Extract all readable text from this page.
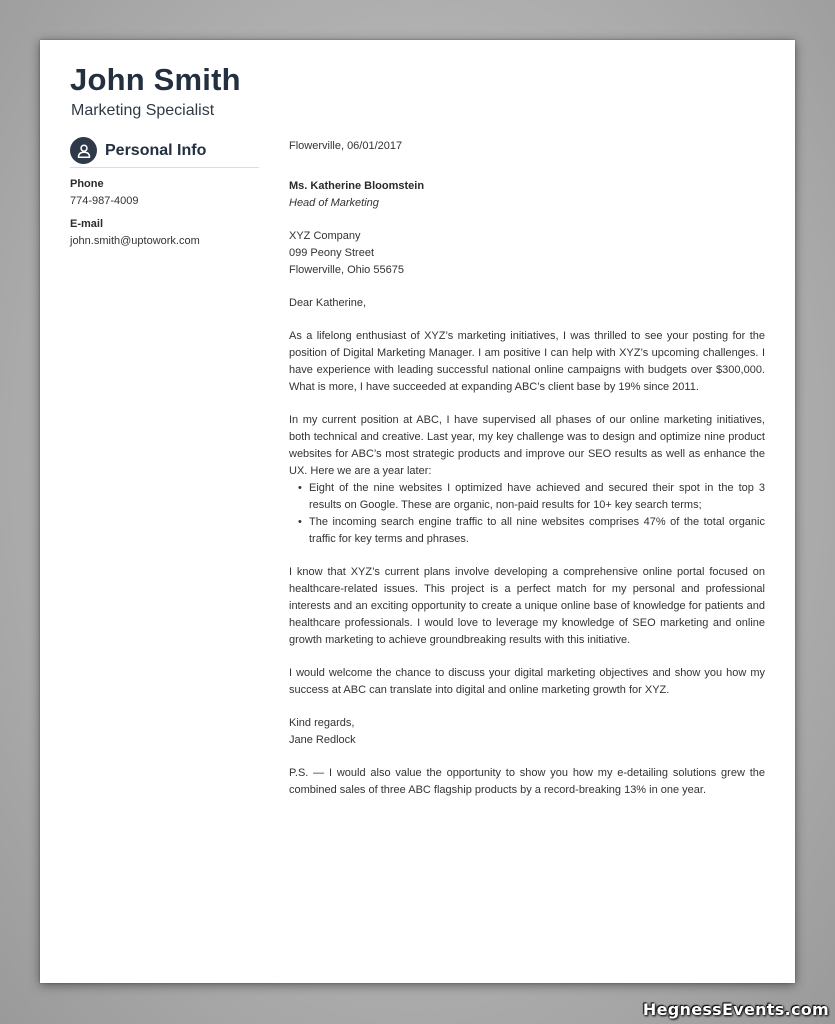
John Smith
Marketing Specialist
Personal Info
Phone
774-987-4009
E-mail
john.smith@uptowork.com

Flowerville, 06/01/2017

Ms. Katherine Bloomstein

Head of Marketing

XYZ Company

099 Peony Street

Flowerville, Ohio 55675

Dear Katherine,

As a lifelong enthusiast of XYZ’s marketing initiatives, I was thrilled to see your posting for the position of Digital Marketing Manager. I am positive I can help with XYZ’s upcoming challenges. I have experience with leading successful national online campaigns with budgets over $300,000. What is more, I have succeeded at expanding ABC’s client base by 19% since 2011.

In my current position at ABC, I have supervised all phases of our online marketing initiatives, both technical and creative. Last year, my key challenge was to design and optimize nine product websites for ABC’s most strategic products and improve our SEO results as well as enhance the UX. Here we are a year later:

• Eight of the nine websites I optimized have achieved and secured their spot in the top 3 results on Google. These are organic, non-paid results for 10+ key search terms;
• The incoming search engine traffic to all nine websites comprises 47% of the total organic traffic for key terms and phrases.

I know that XYZ’s current plans involve developing a comprehensive online portal focused on healthcare-related issues. This project is a perfect match for my personal and professional interests and an exciting opportunity to create a unique online base of knowledge for patients and healthcare professionals. I would love to leverage my knowledge of SEO marketing and online growth marketing to achieve groundbreaking results with this initiative.

I would welcome the chance to discuss your digital marketing objectives and show you how my success at ABC can translate into digital and online marketing growth for XYZ.

Kind regards,

Jane Redlock

P.S. — I would also value the opportunity to show you how my e-detailing solutions grew the combined sales of three ABC flagship products by a record-breaking 13% in one year.

HegnessEvents.com
